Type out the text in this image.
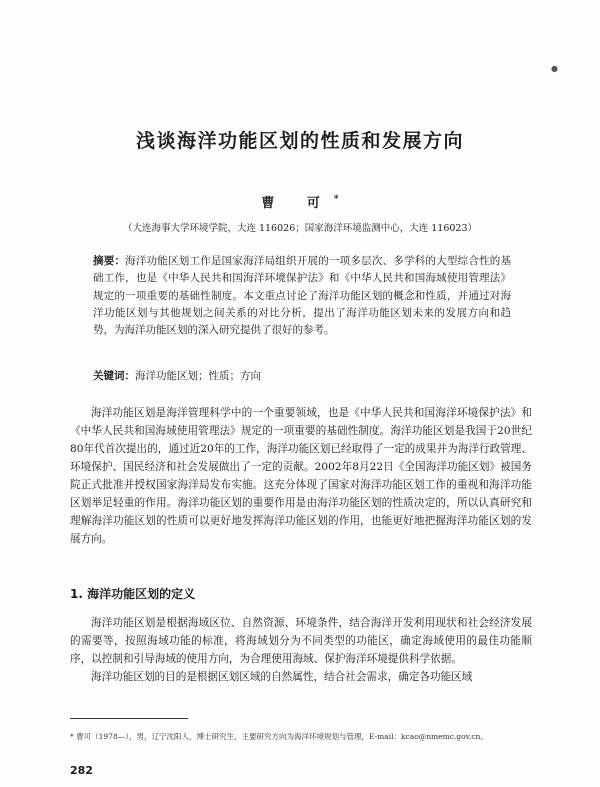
●
浅谈海洋功能区划的性质和发展方向
曹 可*
（大连海事大学环境学院，大连 116026；国家海洋环境监测中心，大连 116023）
摘要：海洋功能区划工作是国家海洋局组织开展的一项多层次、多学科的大型综合性的基础工作，也是《中华人民共和国海洋环境保护法》和《中华人民共和国海域使用管理法》规定的一项重要的基础性制度。本文重点讨论了海洋功能区划的概念和性质，并通过对海洋功能区划与其他规划之间关系的对比分析，提出了海洋功能区划未来的发展方向和趋势，为海洋功能区划的深入研究提供了很好的参考。
关键词：海洋功能区划；性质；方向

海洋功能区划是海洋管理科学中的一个重要领域，也是《中华人民共和国海洋环境保护法》和《中华人民共和国海域使用管理法》规定的一项重要的基础性制度。海洋功能区划是我国于20世纪80年代首次提出的，通过近20年的工作，海洋功能区划已经取得了一定的成果并为海洋行政管理、环境保护、国民经济和社会发展做出了一定的贡献。2002年8月22日《全国海洋功能区划》被国务院正式批准并授权国家海洋局发布实施。这充分体现了国家对海洋功能区划工作的重视和海洋功能区划举足轻重的作用。海洋功能区划的重要作用是由海洋功能区划的性质决定的，所以认真研究和理解海洋功能区划的性质可以更好地发挥海洋功能区划的作用，也能更好地把握海洋功能区划的发展方向。

1. 海洋功能区划的定义

海洋功能区划是根据海域区位、自然资源、环境条件，结合海洋开发利用现状和社会经济发展的需要等，按照海域功能的标准，将海域划分为不同类型的功能区，确定海域使用的最佳功能顺序，以控制和引导海域的使用方向，为合理使用海域、保护海洋环境提供科学依据。

海洋功能区划的目的是根据区划区域的自然属性，结合社会需求，确定各功能区域

* 曹可（1978—），男，辽宁沈阳人，博士研究生，主要研究方向为海洋环境规划与管理，E-mail：kcao@nmemc.gov.cn。
282
